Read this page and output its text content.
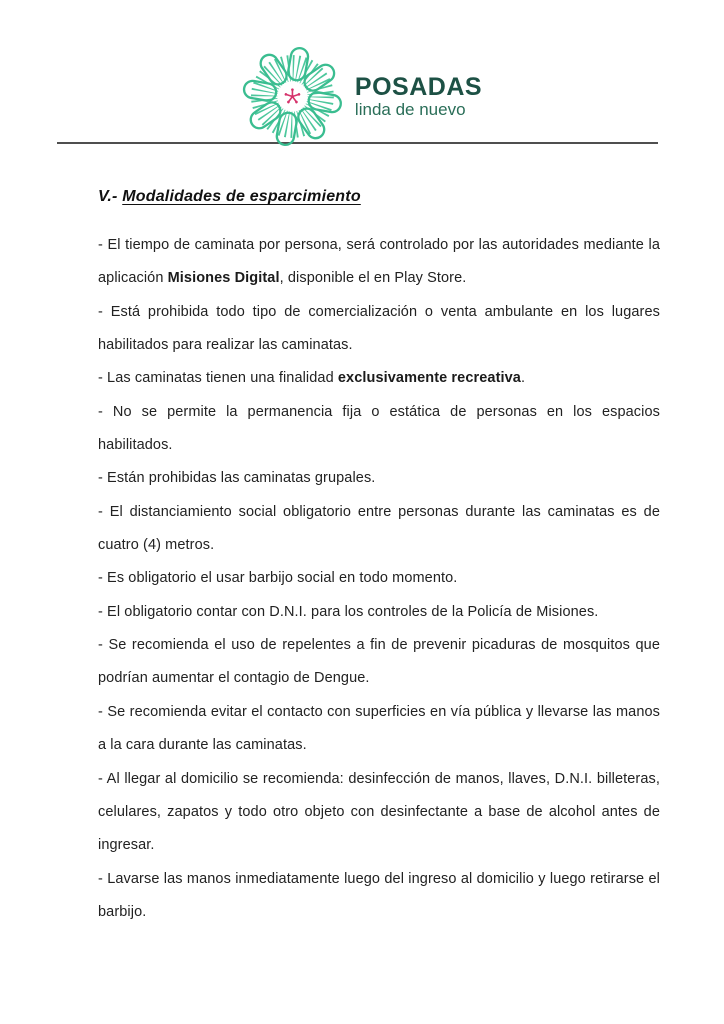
POSADAS
linda de nuevo
V.- Modalidades de esparcimiento

- El tiempo de caminata por persona, será controlado por las autoridades mediante la aplicación Misiones Digital, disponible el en Play Store.

- Está prohibida todo tipo de comercialización o venta ambulante en los lugares habilitados para realizar las caminatas.

- Las caminatas tienen una finalidad exclusivamente recreativa.

- No se permite la permanencia fija o estática de personas en los espacios habilitados.

- Están prohibidas las caminatas grupales.

- El distanciamiento social obligatorio entre personas durante las caminatas es de cuatro (4) metros.

- Es obligatorio el usar barbijo social en todo momento.

- El obligatorio contar con D.N.I. para los controles de la Policía de Misiones.

- Se recomienda el uso de repelentes a fin de prevenir picaduras de mosquitos que podrían aumentar el contagio de Dengue.

- Se recomienda evitar el contacto con superficies en vía pública y llevarse las manos a la cara durante las caminatas.

- Al llegar al domicilio se recomienda: desinfección de manos, llaves, D.N.I. billeteras, celulares, zapatos y todo otro objeto con desinfectante a base de alcohol antes de ingresar.

- Lavarse las manos inmediatamente luego del ingreso al domicilio y luego retirarse el barbijo.
